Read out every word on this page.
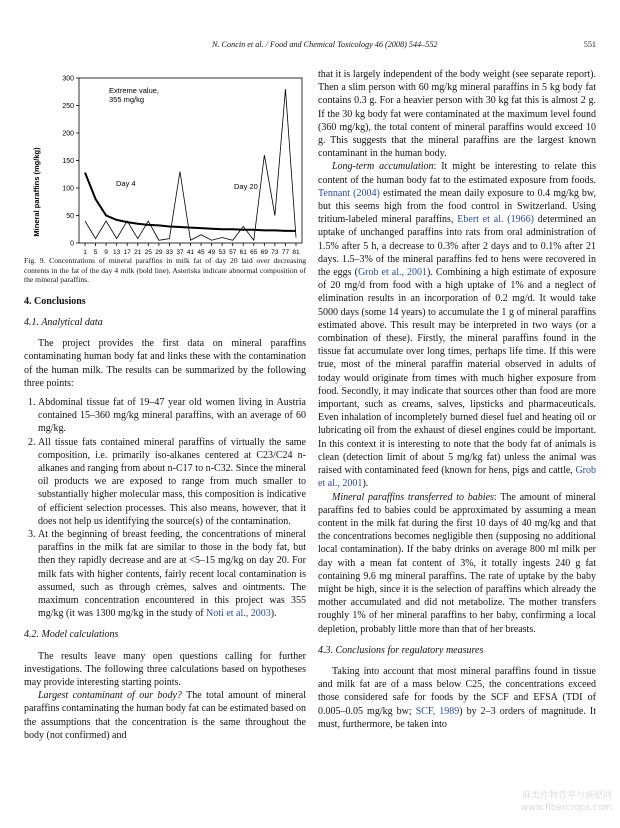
N. Concin et al. / Food and Chemical Toxicology 46 (2008) 544–552	551
0
50
100
150
200
250
300
1 5 9 13 17 21 25 29 33 37 41 45 49 53 57 61 65 69 73 77 81
Extreme value,
355 mg/kg
Day 4	Day 20
Mineral paraffins (mg/kg)

Fig. 9. Concentrations of mineral paraffins in milk fat of day 20 laid over decreasing contents in the fat of the day 4 milk (bold line). Asterisks indicate abnormal composition of the mineral paraffins.

4. Conclusions
4.1. Analytical data

The project provides the first data on mineral paraffins contaminating human body fat and links these with the contamination of the human milk. The results can be summarized by the following three points:

1. Abdominal tissue fat of 19–47 year old women living in Austria contained 15–360 mg/kg mineral paraffins, with an average of 60 mg/kg.
2. All tissue fats contained mineral paraffins of virtually the same composition, i.e. primarily iso-alkanes centered at C23/C24 n-alkanes and ranging from about n-C17 to n-C32. Since the mineral oil products we are exposed to range from much smaller to substantially higher molecular mass, this composition is indicative of efficient selection processes. This also means, however, that it does not help us identifying the source(s) of the contamination.
3. At the beginning of breast feeding, the concentrations of mineral paraffins in the milk fat are similar to those in the body fat, but then they rapidly decrease and are at <5–15 mg/kg on day 20. For milk fats with higher contents, fairly recent local contamination is assumed, such as through crèmes, salves and ointments. The maximum concentration encountered in this project was 355 mg/kg (it was 1300 mg/kg in the study of Noti et al., 2003).
4.2. Model calculations

The results leave many open questions calling for further investigations. The following three calculations based on hypotheses may provide interesting starting points.

Largest contaminant of our body? The total amount of mineral paraffins contaminating the human body fat can be estimated based on the assumptions that the concentration is the same throughout the body (not confirmed) and

that it is largely independent of the body weight (see separate report). Then a slim person with 60 mg/kg mineral paraffins in 5 kg body fat contains 0.3 g. For a heavier person with 30 kg fat this is almost 2 g. If the 30 kg body fat were contaminated at the maximum level found (360 mg/kg), the total content of mineral paraffins would exceed 10 g. This suggests that the mineral paraffins are the largest known contaminant in the human body.

Long-term accumulation: It might be interesting to relate this content of the human body fat to the estimated exposure from foods. Tennant (2004) estimated the mean daily exposure to 0.4 mg/kg bw, but this seems high from the food control in Switzerland. Using tritium-labeled mineral paraffins, Ebert et al. (1966) determined an uptake of unchanged paraffins into rats from oral administration of 1.5% after 5 h, a decrease to 0.3% after 2 days and to 0.1% after 21 days. 1.5–3% of the mineral paraffins fed to hens were recovered in the eggs (Grob et al., 2001). Combining a high estimate of exposure of 20 mg/d from food with a high uptake of 1% and a neglect of elimination results in an incorporation of 0.2 mg/d. It would take 5000 days (some 14 years) to accumulate the 1 g of mineral paraffins estimated above. This result may be interpreted in two ways (or a combination of these). Firstly, the mineral paraffins found in the tissue fat accumulate over long times, perhaps life time. If this were true, most of the mineral paraffin material observed in adults of today would originate from times with much higher exposure from food. Secondly, it may indicate that sources other than food are more important, such as creams, salves, lipsticks and pharmaceuticals. Even inhalation of incompletely burned diesel fuel and heating oil or lubricating oil from the exhaust of diesel engines could be important. In this context it is interesting to note that the body fat of animals is clean (detection limit of about 5 mg/kg fat) unless the animal was raised with contaminated feed (known for hens, pigs and cattle, Grob et al., 2001).

Mineral paraffins transferred to babies: The amount of mineral paraffins fed to babies could be approximated by assuming a mean content in the milk fat during the first 10 days of 40 mg/kg and that the concentrations becomes negligible then (supposing no additional local contamination). If the baby drinks on average 800 ml milk per day with a mean fat content of 3%, it totally ingests 240 g fat containing 9.6 mg mineral paraffins. The rate of uptake by the baby might be high, since it is the selection of paraffins which already the mother accumulated and did not metabolize. The mother transfers roughly 1% of her mineral paraffins to her baby, confirming a local depletion, probably little more than that of her breasts.

4.3. Conclusions for regulatory measures

Taking into account that most mineral paraffins found in tissue and milk fat are of a mass below C25, the concentrations exceed those considered safe for foods by the SCF and EFSA (TDI of 0.005–0.05 mg/kg bw; SCF, 1989) by 2–3 orders of magnitude. It must, furthermore, be taken into

麻类作物营养与施肥网
www.fibercrops.com
